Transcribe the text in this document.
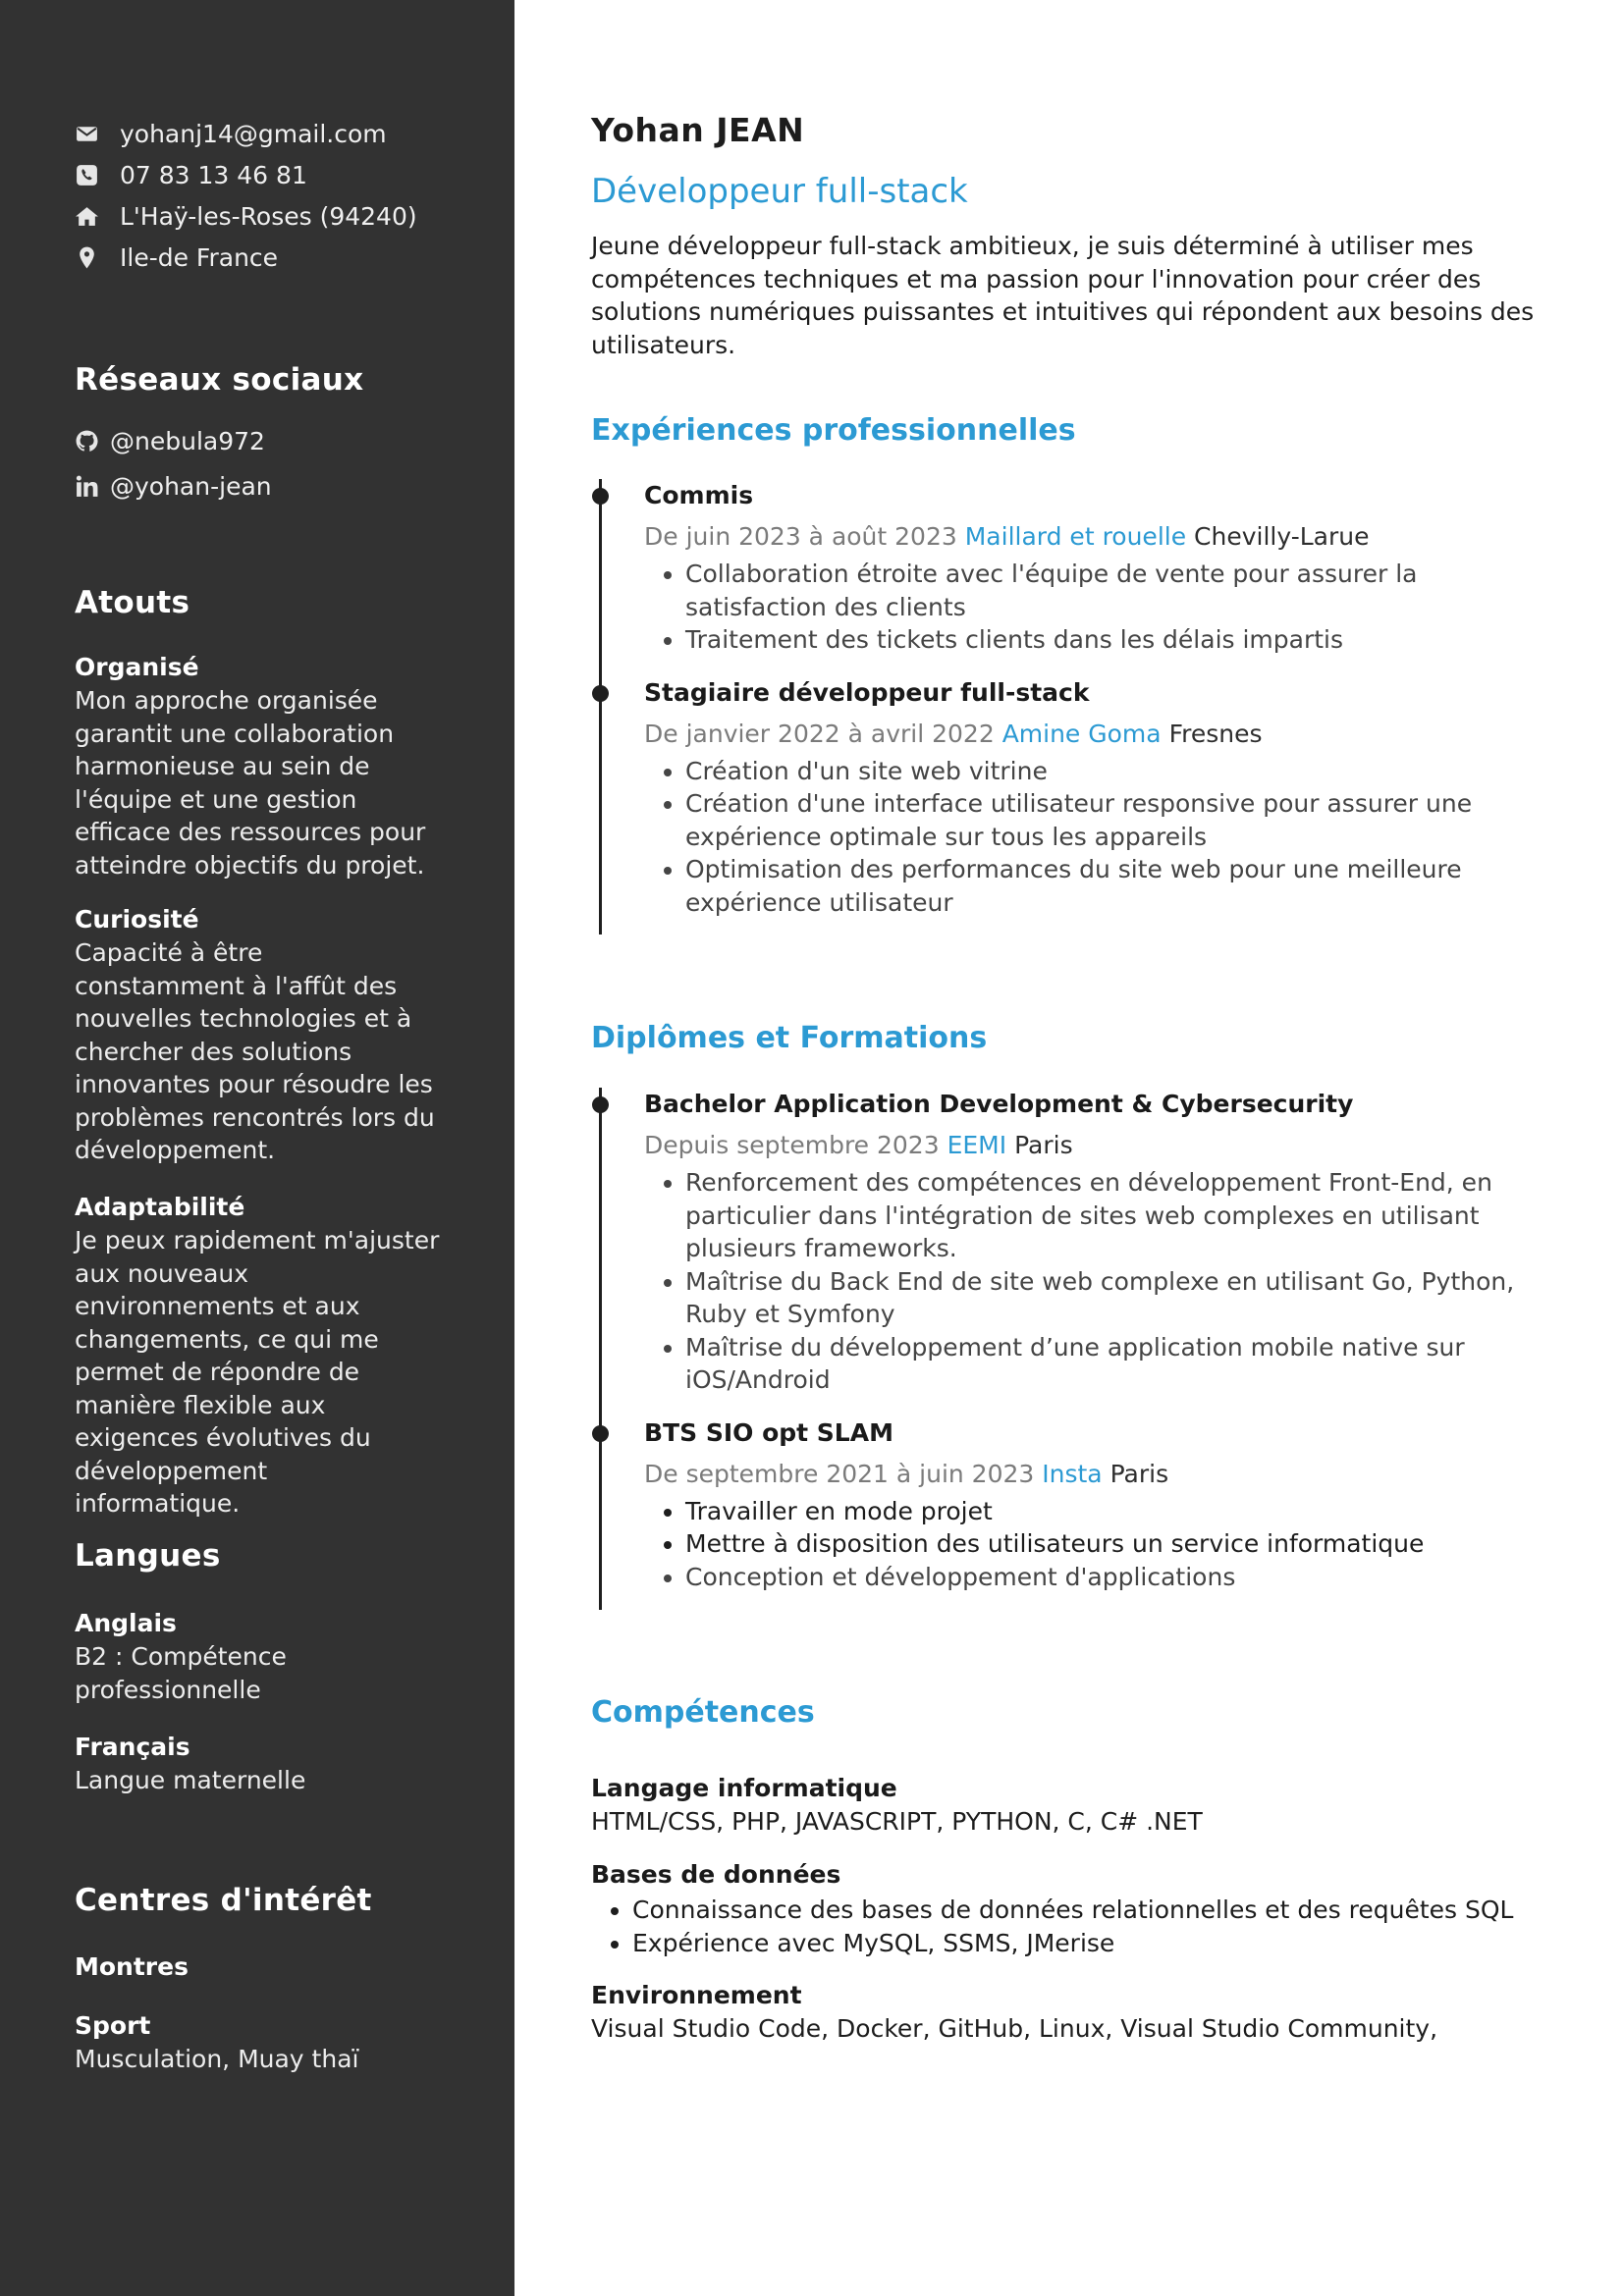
yohanj14@gmail.com
07 83 13 46 81
L'Haÿ-les-Roses (94240)
Ile-de France
Réseaux sociaux
@nebula972
@yohan-jean
Atouts
Organisé
Mon approche organisée garantit une collaboration harmonieuse au sein de l'équipe et une gestion efficace des ressources pour atteindre objectifs du projet.
Curiosité
Capacité à être constamment à l'affût des nouvelles technologies et à chercher des solutions innovantes pour résoudre les problèmes rencontrés lors du développement.
Adaptabilité
Je peux rapidement m'ajuster aux nouveaux environnements et aux changements, ce qui me permet de répondre de manière flexible aux exigences évolutives du développement informatique.
Langues
Anglais
B2 : Compétence professionnelle
Français
Langue maternelle
Centres d'intérêt
Montres
Sport
Musculation, Muay thaï
Yohan JEAN
Développeur full-stack
Jeune développeur full-stack ambitieux, je suis déterminé à utiliser mes compétences techniques et ma passion pour l'innovation pour créer des solutions numériques puissantes et intuitives qui répondent aux besoins des utilisateurs.
Expériences professionnelles
Commis
De juin 2023 à août 2023 Maillard et rouelle Chevilly-Larue
• Collaboration étroite avec l'équipe de vente pour assurer la satisfaction des clients
• Traitement des tickets clients dans les délais impartis
Stagiaire développeur full-stack
De janvier 2022 à avril 2022 Amine Goma Fresnes
• Création d'un site web vitrine
• Création d'une interface utilisateur responsive pour assurer une expérience optimale sur tous les appareils
• Optimisation des performances du site web pour une meilleure expérience utilisateur
Diplômes et Formations
Bachelor Application Development & Cybersecurity
Depuis septembre 2023 EEMI Paris
• Renforcement des compétences en développement Front-End, en particulier dans l'intégration de sites web complexes en utilisant plusieurs frameworks.
• Maîtrise du Back End de site web complexe en utilisant Go, Python, Ruby et Symfony
• Maîtrise du développement d’une application mobile native sur iOS/Android
BTS SIO opt SLAM
De septembre 2021 à juin 2023 Insta Paris
• Travailler en mode projet
• Mettre à disposition des utilisateurs un service informatique
• Conception et développement d'applications
Compétences
Langage informatique
HTML/CSS, PHP, JAVASCRIPT, PYTHON, C, C# .NET
Bases de données
• Connaissance des bases de données relationnelles et des requêtes SQL
• Expérience avec MySQL, SSMS, JMerise
Environnement
Visual Studio Code, Docker, GitHub, Linux, Visual Studio Community,
